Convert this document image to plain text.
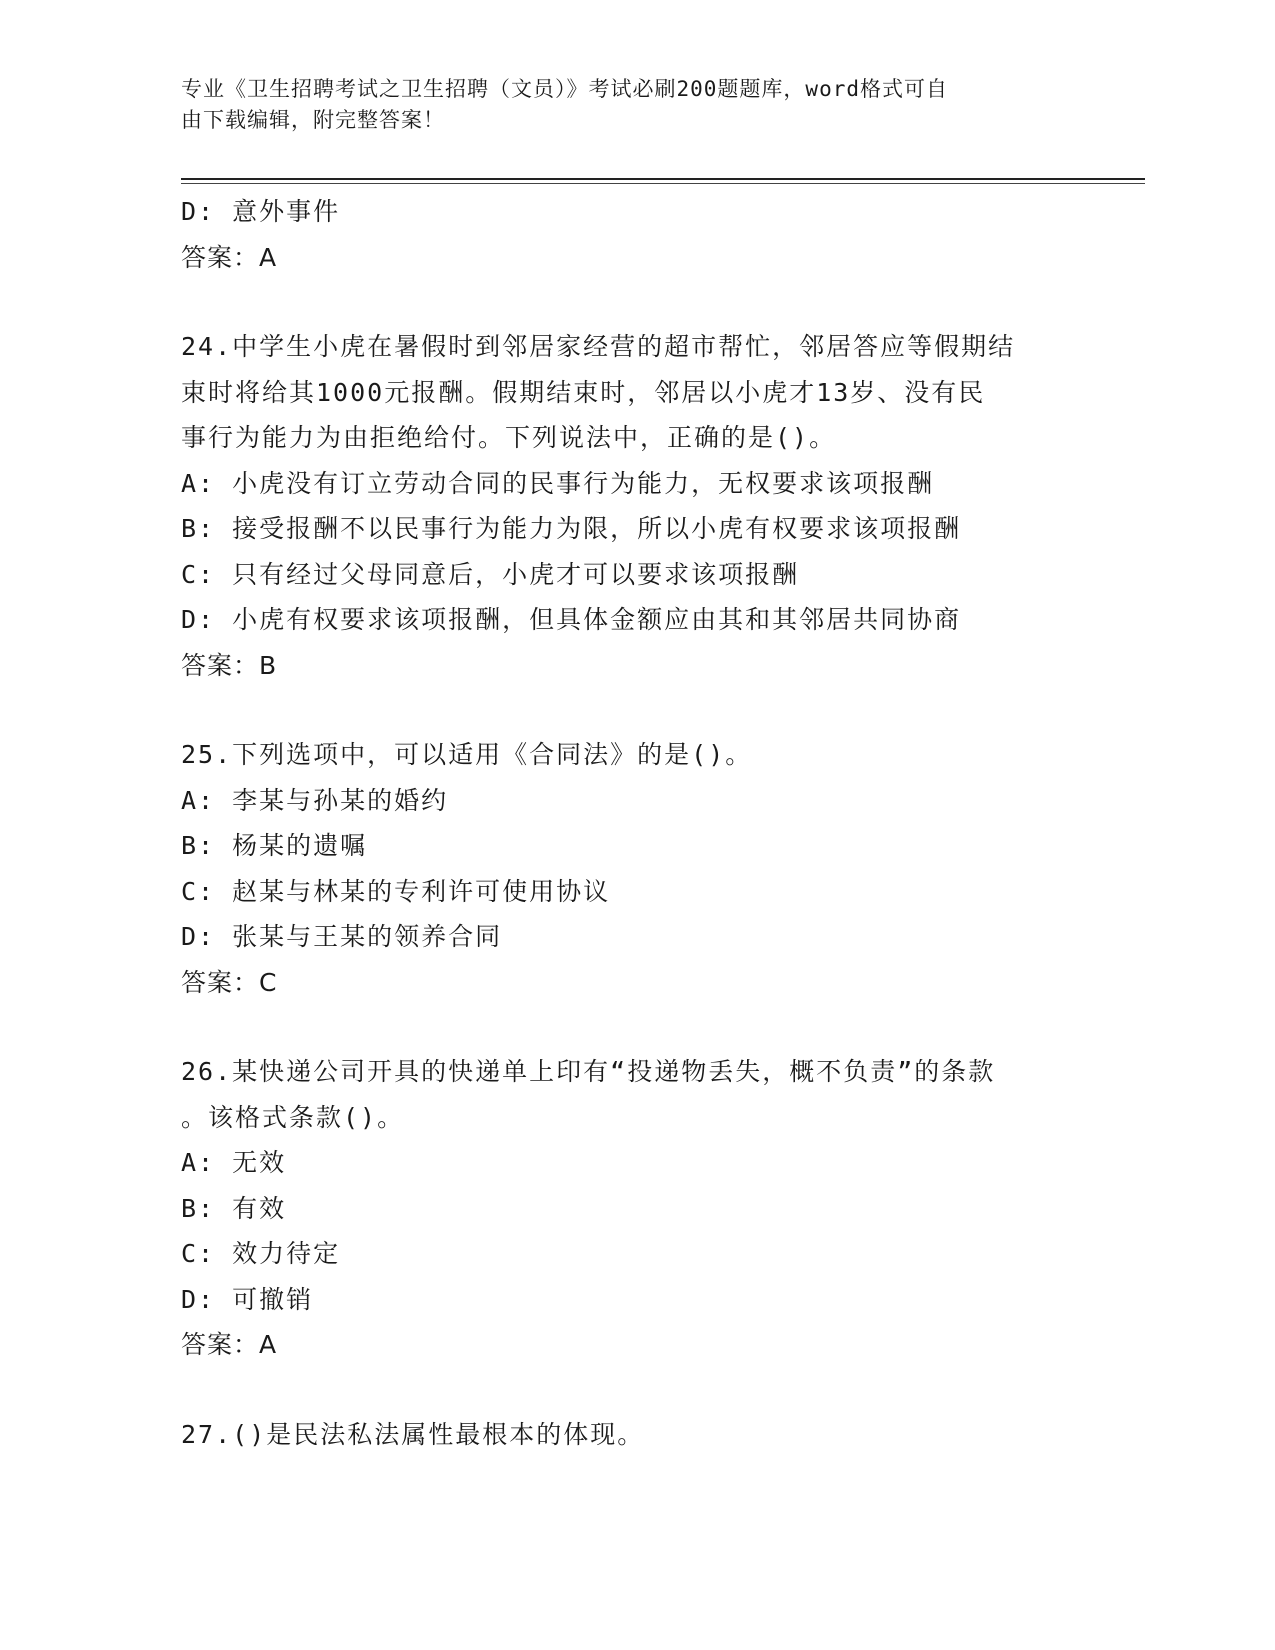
专业《卫生招聘考试之卫生招聘（文员）》考试必刷200题题库，word格式可自
由下载编辑，附完整答案！
D: 意外事件
答案：A
24.中学生小虎在暑假时到邻居家经营的超市帮忙，邻居答应等假期结
束时将给其1000元报酬。假期结束时，邻居以小虎才13岁、没有民
事行为能力为由拒绝给付。下列说法中，正确的是()。
A: 小虎没有订立劳动合同的民事行为能力，无权要求该项报酬
B: 接受报酬不以民事行为能力为限，所以小虎有权要求该项报酬
C: 只有经过父母同意后，小虎才可以要求该项报酬
D: 小虎有权要求该项报酬，但具体金额应由其和其邻居共同协商
答案：B
25.下列选项中，可以适用《合同法》的是()。
A: 李某与孙某的婚约
B: 杨某的遗嘱
C: 赵某与林某的专利许可使用协议
D: 张某与王某的领养合同
答案：C
26.某快递公司开具的快递单上印有“投递物丢失，概不负责”的条款
。该格式条款()。
A: 无效
B: 有效
C: 效力待定
D: 可撤销
答案：A
27.()是民法私法属性最根本的体现。
